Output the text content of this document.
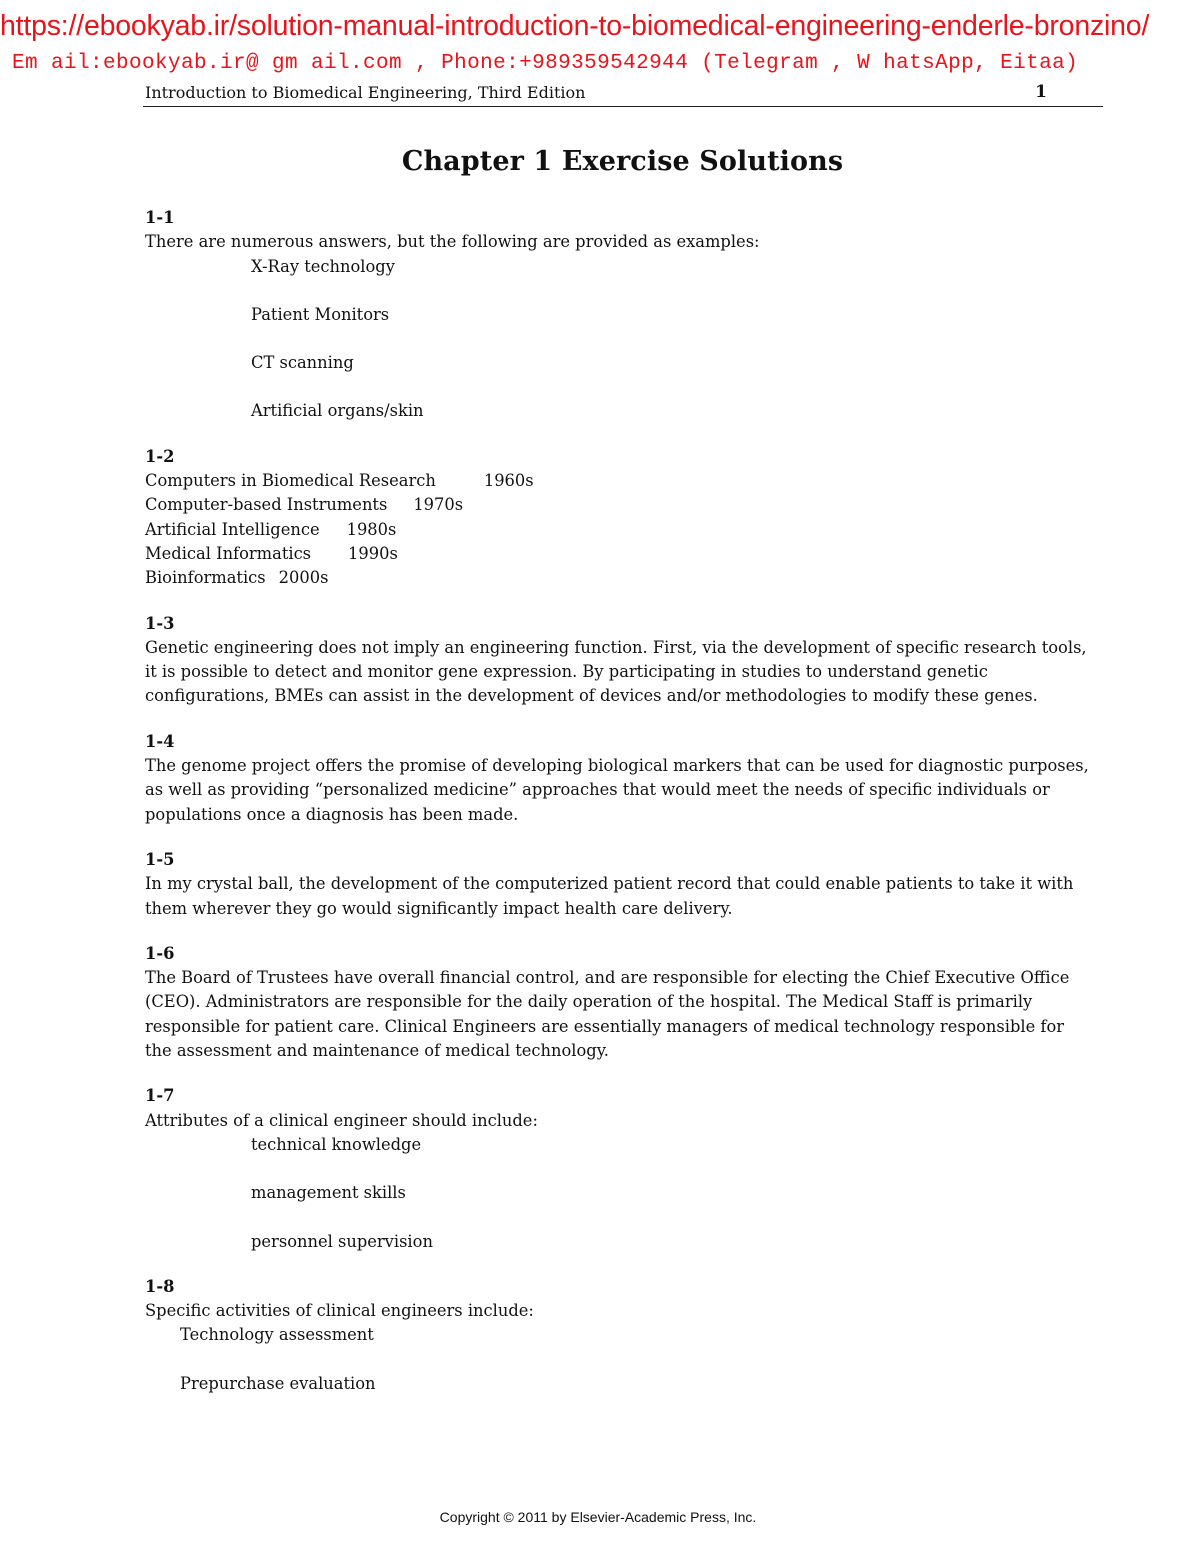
https://ebookyab.ir/solution-manual-introduction-to-biomedical-engineering-enderle-bronzino/
Em ail:ebookyab.ir@ gm ail.com , Phone:+989359542944 (Telegram , W hatsApp, Eitaa)
Introduction to Biomedical Engineering, Third Edition	1
Chapter 1 Exercise Solutions

1-1

There are numerous answers, but the following are provided as examples:

X-Ray technology
Patient Monitors
CT scanning
Artificial organs/skin

1-2

Computers in Biomedical Research	1960s
Computer-based Instruments 1970s
Artificial Intelligence 1980s
Medical Informatics 1990s
Bioinformatics 2000s

1-3

Genetic engineering does not imply an engineering function. First, via the development of specific research tools, it is possible to detect and monitor gene expression. By participating in studies to understand genetic configurations, BMEs can assist in the development of devices and/or methodologies to modify these genes.

1-4

The genome project offers the promise of developing biological markers that can be used for diagnostic purposes, as well as providing “personalized medicine” approaches that would meet the needs of specific individuals or populations once a diagnosis has been made.

1-5

In my crystal ball, the development of the computerized patient record that could enable patients to take it with them wherever they go would significantly impact health care delivery.

1-6

The Board of Trustees have overall financial control, and are responsible for electing the Chief Executive Office (CEO). Administrators are responsible for the daily operation of the hospital. The Medical Staff is primarily responsible for patient care. Clinical Engineers are essentially managers of medical technology responsible for the assessment and maintenance of medical technology.

1-7

Attributes of a clinical engineer should include:

technical knowledge
management skills
personnel supervision

1-8

Specific activities of clinical engineers include:

Technology assessment
Prepurchase evaluation
Copyright © 2011 by Elsevier-Academic Press, Inc.
